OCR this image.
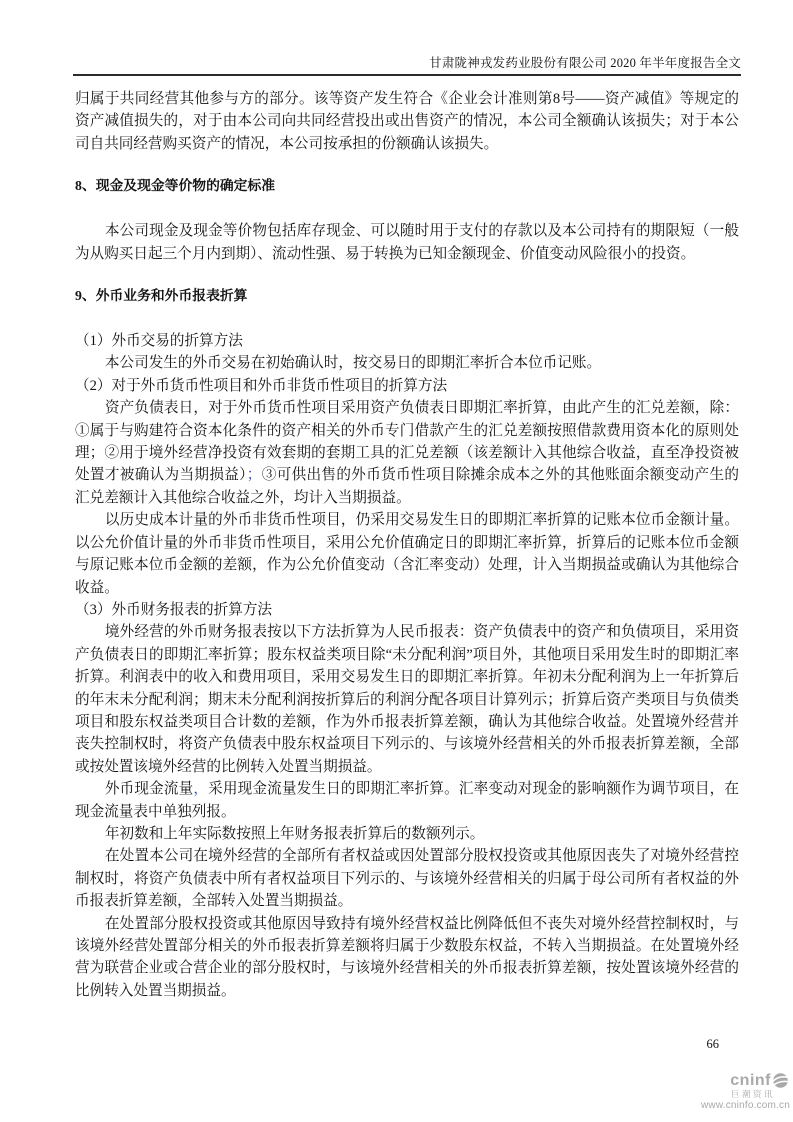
甘肃陇神戎发药业股份有限公司 2020 年半年度报告全文

归属于共同经营其他参与方的部分。该等资产发生符合《企业会计准则第8号——资产减值》等规定的资产减值损失的，对于由本公司向共同经营投出或出售资产的情况，本公司全额确认该损失；对于本公司自共同经营购买资产的情况，本公司按承担的份额确认该损失。

8、现金及现金等价物的确定标准

本公司现金及现金等价物包括库存现金、可以随时用于支付的存款以及本公司持有的期限短（一般为从购买日起三个月内到期）、流动性强、易于转换为已知金额现金、价值变动风险很小的投资。

9、外币业务和外币报表折算

（1）外币交易的折算方法

本公司发生的外币交易在初始确认时，按交易日的即期汇率折合本位币记账。

（2）对于外币货币性项目和外币非货币性项目的折算方法

资产负债表日，对于外币货币性项目采用资产负债表日即期汇率折算，由此产生的汇兑差额，除：①属于与购建符合资本化条件的资产相关的外币专门借款产生的汇兑差额按照借款费用资本化的原则处理；②用于境外经营净投资有效套期的套期工具的汇兑差额（该差额计入其他综合收益，直至净投资被处置才被确认为当期损益）；③可供出售的外币货币性项目除摊余成本之外的其他账面余额变动产生的汇兑差额计入其他综合收益之外，均计入当期损益。

以历史成本计量的外币非货币性项目，仍采用交易发生日的即期汇率折算的记账本位币金额计量。以公允价值计量的外币非货币性项目，采用公允价值确定日的即期汇率折算，折算后的记账本位币金额与原记账本位币金额的差额，作为公允价值变动（含汇率变动）处理，计入当期损益或确认为其他综合收益。

（3）外币财务报表的折算方法

境外经营的外币财务报表按以下方法折算为人民币报表：资产负债表中的资产和负债项目，采用资产负债表日的即期汇率折算；股东权益类项目除“未分配利润”项目外，其他项目采用发生时的即期汇率折算。利润表中的收入和费用项目，采用交易发生日的即期汇率折算。年初未分配利润为上一年折算后的年末未分配利润；期末未分配利润按折算后的利润分配各项目计算列示；折算后资产类项目与负债类项目和股东权益类项目合计数的差额，作为外币报表折算差额，确认为其他综合收益。处置境外经营并丧失控制权时，将资产负债表中股东权益项目下列示的、与该境外经营相关的外币报表折算差额，全部或按处置该境外经营的比例转入处置当期损益。

外币现金流量，采用现金流量发生日的即期汇率折算。汇率变动对现金的影响额作为调节项目，在现金流量表中单独列报。

年初数和上年实际数按照上年财务报表折算后的数额列示。

在处置本公司在境外经营的全部所有者权益或因处置部分股权投资或其他原因丧失了对境外经营控制权时，将资产负债表中所有者权益项目下列示的、与该境外经营相关的归属于母公司所有者权益的外币报表折算差额，全部转入处置当期损益。

在处置部分股权投资或其他原因导致持有境外经营权益比例降低但不丧失对境外经营控制权时，与该境外经营处置部分相关的外币报表折算差额将归属于少数股东权益，不转入当期损益。在处置境外经营为联营企业或合营企业的部分股权时，与该境外经营相关的外币报表折算差额，按处置该境外经营的比例转入处置当期损益。

66
cninf
巨潮资讯
www.cninfo.com.cn
